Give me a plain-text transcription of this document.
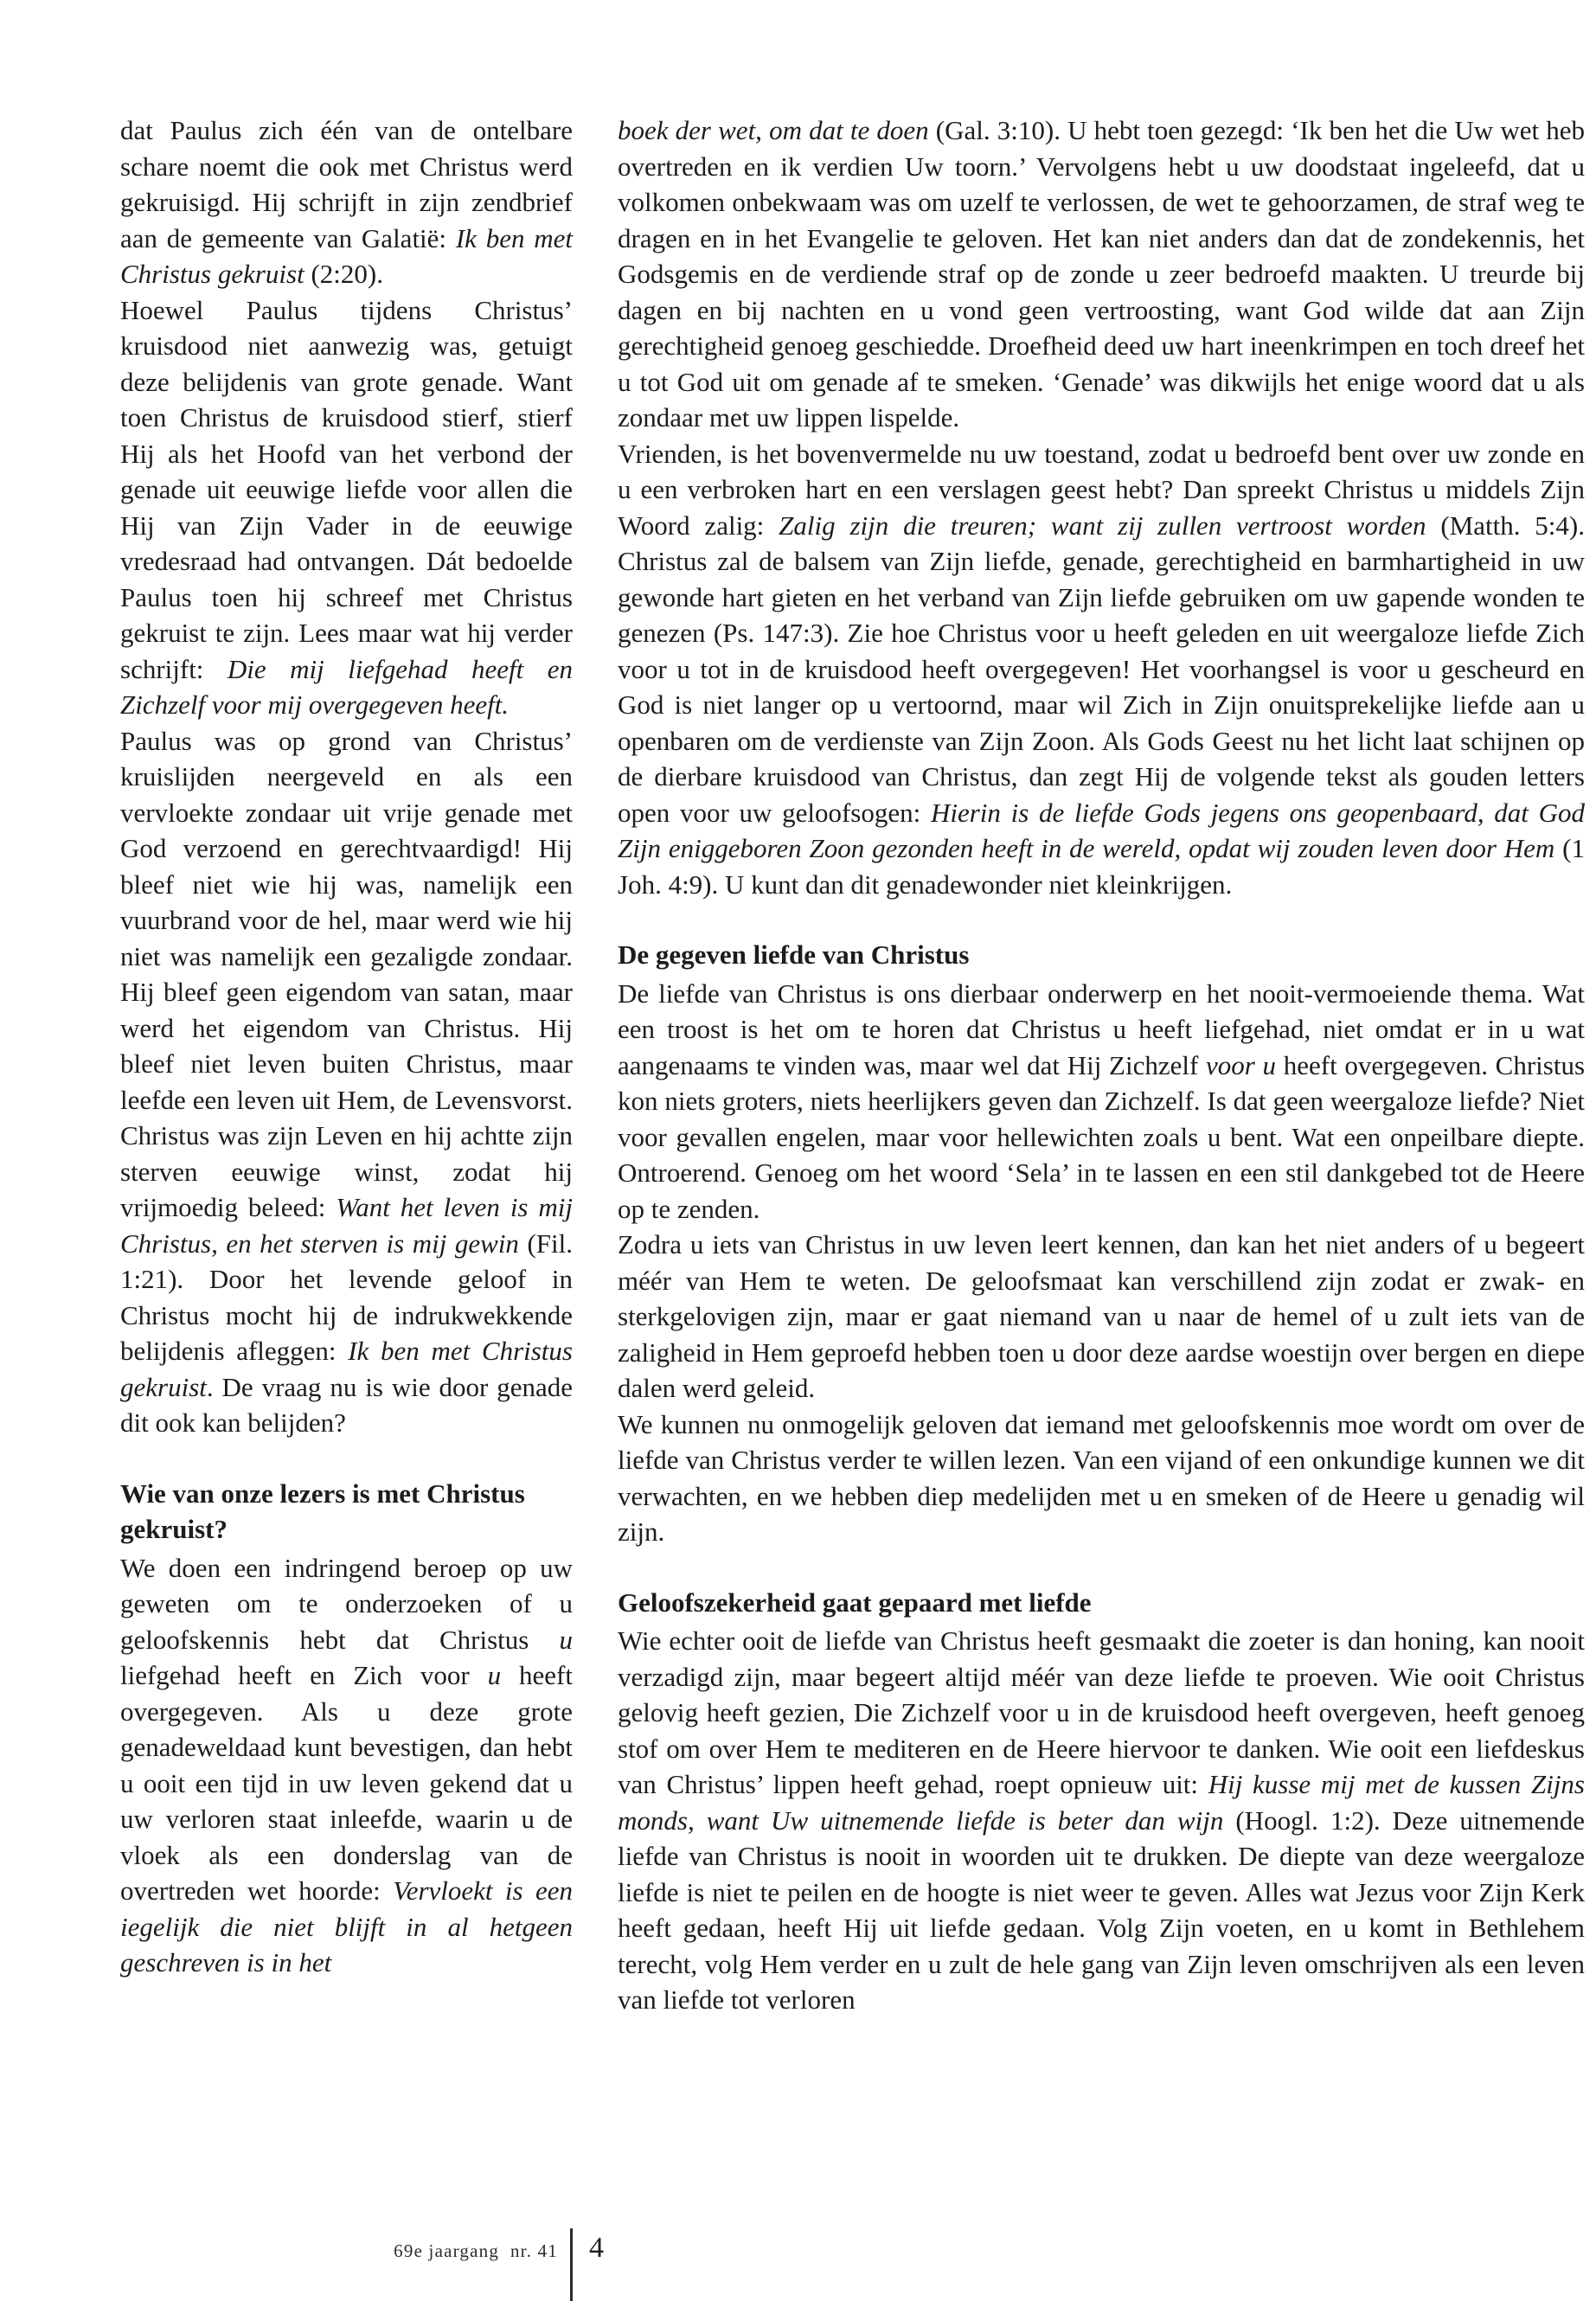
dat Paulus zich één van de ontelbare schare noemt die ook met Christus werd gekruisigd. Hij schrijft in zijn zendbrief aan de gemeente van Galatië: Ik ben met Christus gekruist (2:20).

Hoewel Paulus tijdens Christus’ kruisdood niet aanwezig was, getuigt deze belijdenis van grote genade. Want toen Christus de kruisdood stierf, stierf Hij als het Hoofd van het verbond der genade uit eeuwige liefde voor allen die Hij van Zijn Vader in de eeuwige vredesraad had ontvangen. Dát bedoelde Paulus toen hij schreef met Christus gekruist te zijn. Lees maar wat hij verder schrijft: Die mij liefgehad heeft en Zichzelf voor mij overgegeven heeft.

Paulus was op grond van Christus’ kruislijden neergeveld en als een vervloekte zondaar uit vrije genade met God verzoend en gerechtvaardigd! Hij bleef niet wie hij was, namelijk een vuurbrand voor de hel, maar werd wie hij niet was namelijk een gezaligde zondaar. Hij bleef geen eigendom van satan, maar werd het eigendom van Christus. Hij bleef niet leven buiten Christus, maar leefde een leven uit Hem, de Levensvorst. Christus was zijn Leven en hij achtte zijn sterven eeuwige winst, zodat hij vrijmoedig beleed: Want het leven is mij Christus, en het sterven is mij gewin (Fil. 1:21). Door het levende geloof in Christus mocht hij de indrukwekkende belijdenis afleggen: Ik ben met Christus gekruist. De vraag nu is wie door genade dit ook kan belijden?

Wie van onze lezers is met Christus gekruist?

We doen een indringend beroep op uw geweten om te onderzoeken of u geloofskennis hebt dat Christus u liefgehad heeft en Zich voor u heeft overgegeven. Als u deze grote genadeweldaad kunt bevestigen, dan hebt u ooit een tijd in uw leven gekend dat u uw verloren staat inleefde, waarin u de vloek als een donderslag van de overtreden wet hoorde: Vervloekt is een iegelijk die niet blijft in al hetgeen geschreven is in het

boek der wet, om dat te doen (Gal. 3:10). U hebt toen gezegd: ‘Ik ben het die Uw wet heb overtreden en ik verdien Uw toorn.’ Vervolgens hebt u uw doodstaat ingeleefd, dat u volkomen onbekwaam was om uzelf te verlossen, de wet te gehoorzamen, de straf weg te dragen en in het Evangelie te geloven. Het kan niet anders dan dat de zondekennis, het Godsgemis en de verdiende straf op de zonde u zeer bedroefd maakten. U treurde bij dagen en bij nachten en u vond geen vertroosting, want God wilde dat aan Zijn gerechtigheid genoeg geschiedde. Droefheid deed uw hart ineenkrimpen en toch dreef het u tot God uit om genade af te smeken. ‘Genade’ was dikwijls het enige woord dat u als zondaar met uw lippen lispelde.

Vrienden, is het bovenvermelde nu uw toestand, zodat u bedroefd bent over uw zonde en u een verbroken hart en een verslagen geest hebt? Dan spreekt Christus u middels Zijn Woord zalig: Zalig zijn die treuren; want zij zullen vertroost worden (Matth. 5:4). Christus zal de balsem van Zijn liefde, genade, gerechtigheid en barmhartigheid in uw gewonde hart gieten en het verband van Zijn liefde gebruiken om uw gapende wonden te genezen (Ps. 147:3). Zie hoe Christus voor u heeft geleden en uit weergaloze liefde Zich voor u tot in de kruisdood heeft overgegeven! Het voorhangsel is voor u gescheurd en God is niet langer op u vertoornd, maar wil Zich in Zijn onuitsprekelijke liefde aan u openbaren om de verdienste van Zijn Zoon. Als Gods Geest nu het licht laat schijnen op de dierbare kruisdood van Christus, dan zegt Hij de volgende tekst als gouden letters open voor uw geloofsogen: Hierin is de liefde Gods jegens ons geopenbaard, dat God Zijn eniggeboren Zoon gezonden heeft in de wereld, opdat wij zouden leven door Hem (1 Joh. 4:9). U kunt dan dit genadewonder niet kleinkrijgen.

De gegeven liefde van Christus

De liefde van Christus is ons dierbaar onderwerp en het nooit-vermoeiende thema. Wat een troost is het om te horen dat Christus u heeft liefgehad, niet omdat er in u wat aangenaams te vinden was, maar wel dat Hij Zichzelf voor u heeft overgegeven. Christus kon niets groters, niets heerlijkers geven dan Zichzelf. Is dat geen weergaloze liefde? Niet voor gevallen engelen, maar voor hellewichten zoals u bent. Wat een onpeilbare diepte. Ontroerend. Genoeg om het woord ‘Sela’ in te lassen en een stil dankgebed tot de Heere op te zenden.

Zodra u iets van Christus in uw leven leert kennen, dan kan het niet anders of u begeert méér van Hem te weten. De geloofsmaat kan verschillend zijn zodat er zwak- en sterkgelovigen zijn, maar er gaat niemand van u naar de hemel of u zult iets van de zaligheid in Hem geproefd hebben toen u door deze aardse woestijn over bergen en diepe dalen werd geleid.

We kunnen nu onmogelijk geloven dat iemand met geloofskennis moe wordt om over de liefde van Christus verder te willen lezen. Van een vijand of een onkundige kunnen we dit verwachten, en we hebben diep medelijden met u en smeken of de Heere u genadig wil zijn.

Geloofszekerheid gaat gepaard met liefde

Wie echter ooit de liefde van Christus heeft gesmaakt die zoeter is dan honing, kan nooit verzadigd zijn, maar begeert altijd méér van deze liefde te proeven. Wie ooit Christus gelovig heeft gezien, Die Zichzelf voor u in de kruisdood heeft overgeven, heeft genoeg stof om over Hem te mediteren en de Heere hiervoor te danken. Wie ooit een liefdeskus van Christus’ lippen heeft gehad, roept opnieuw uit: Hij kusse mij met de kussen Zijns monds, want Uw uitnemende liefde is beter dan wijn (Hoogl. 1:2). Deze uitnemende liefde van Christus is nooit in woorden uit te drukken. De diepte van deze weergaloze liefde is niet te peilen en de hoogte is niet weer te geven. Alles wat Jezus voor Zijn Kerk heeft gedaan, heeft Hij uit liefde gedaan. Volg Zijn voeten, en u komt in Bethlehem terecht, volg Hem verder en u zult de hele gang van Zijn leven omschrijven als een leven van liefde tot verloren

69e jaargang  nr. 41 4
